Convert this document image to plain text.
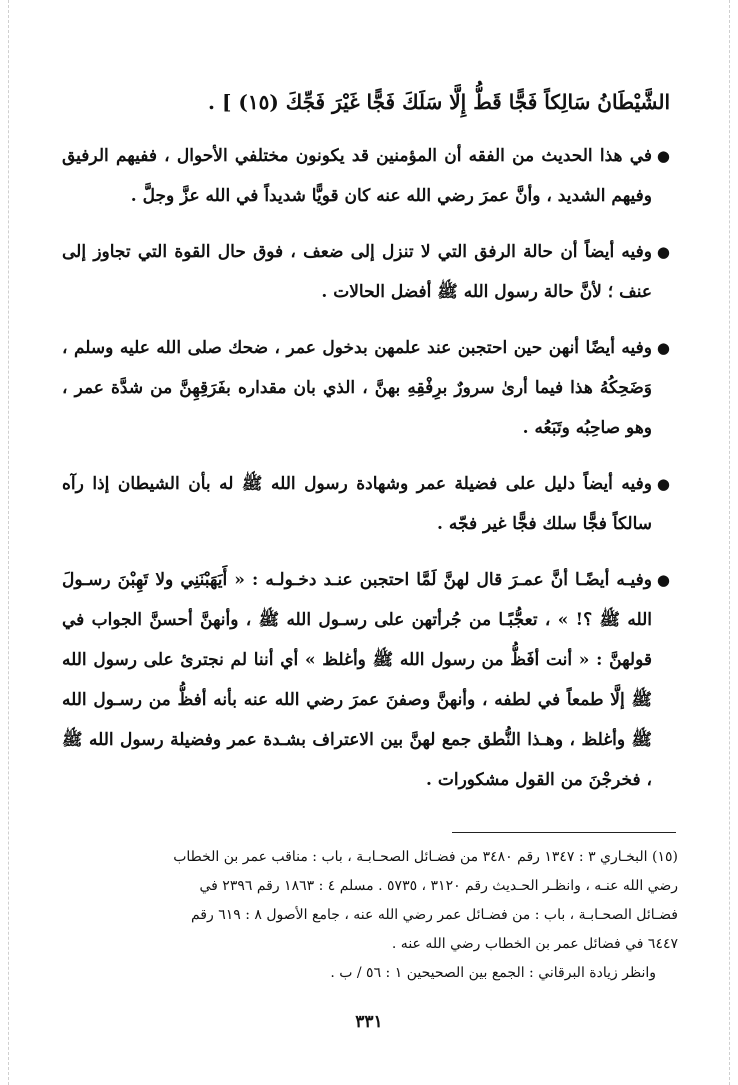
الشَّيْطَانُ سَالِكاً فَجًّا قَطُّ إِلَّا سَلَكَ فَجًّا غَيْرَ فَجِّكَ (١٥) ] .

●
في هذا الحديث من الفقه أن المؤمنين قد يكونون مختلفي الأحوال ، ففيهم الرفيق وفيهم الشديد ، وأنَّ عمرَ رضي الله عنه كان قويًّا شديداً في الله عزَّ وجلَّ .
●
وفيه أيضاً أن حالة الرفق التي لا تنزل إلى ضعف ، فوق حال القوة التي تجاوز إلى عنف ؛ لأنَّ حالة رسول الله ﷺ أفضل الحالات .
●
وفيه أيضًا أنهن حين احتجبن عند علمهن بدخول عمر ، ضحك صلى الله عليه وسلم ، وَضَحِكُهُ هذا فيما أرىٰ سرورٌ برِفْقِهِ بهنَّ ، الذي بان مقداره بفَرَقِهِنَّ من شدَّة عمر ، وهو صاحِبُه وتَبَعُه .
●
وفيه أيضاً دليل على فضيلة عمر وشهادة رسول الله ﷺ له بأن الشيطان إذا رآه سالكاً فجًّا سلك فجًّا غير فجّه .
●
وفيـه أيضًـا أنَّ عمـرَ قال لهنَّ لَمَّا احتجبن عنـد دخـولـه : « أَيَهَبْنَنِي ولا تَهِبْنَ رسـولَ الله ﷺ ؟! » ، تعجُّبًـا من جُرأتهن على رسـول الله ﷺ ، وأنهنَّ أحسنَّ الجواب في قولهنَّ : « أنت أفَظُّ من رسول الله ﷺ وأغلظ » أي أننا لم نجترئ على رسول الله ﷺ إلَّا طمعاً في لطفه ، وأنهنَّ وصفنَ عمرَ رضي الله عنه بأنه أفظُّ من رسـول الله ﷺ وأغلظ ، وهـذا النُّطق جمع لهنَّ بين الاعتراف بشـدة عمر وفضيلة رسول الله ﷺ ، فخرجْنَ من القول مشكورات .

(١٥) البخـاري ٣ : ١٣٤٧ رقم ٣٤٨٠ من فضـائل الصحـابـة ، باب : مناقب عمر بن الخطاب

رضي الله عنـه ، وانظـر الحـديث رقم ٣١٢٠ ، ٥٧٣٥ . مسلم ٤ : ١٨٦٣ رقم ٢٣٩٦ في

فضـائل الصحـابـة ، باب : من فضـائل عمر رضي الله عنه ، جامع الأصول ٨ : ٦١٩ رقم

٦٤٤٧ في فضائل عمر بن الخطاب رضي الله عنه .

وانظر زيادة البرقاني : الجمع بين الصحيحين ١ : ٥٦ / ب .

٣٣١
